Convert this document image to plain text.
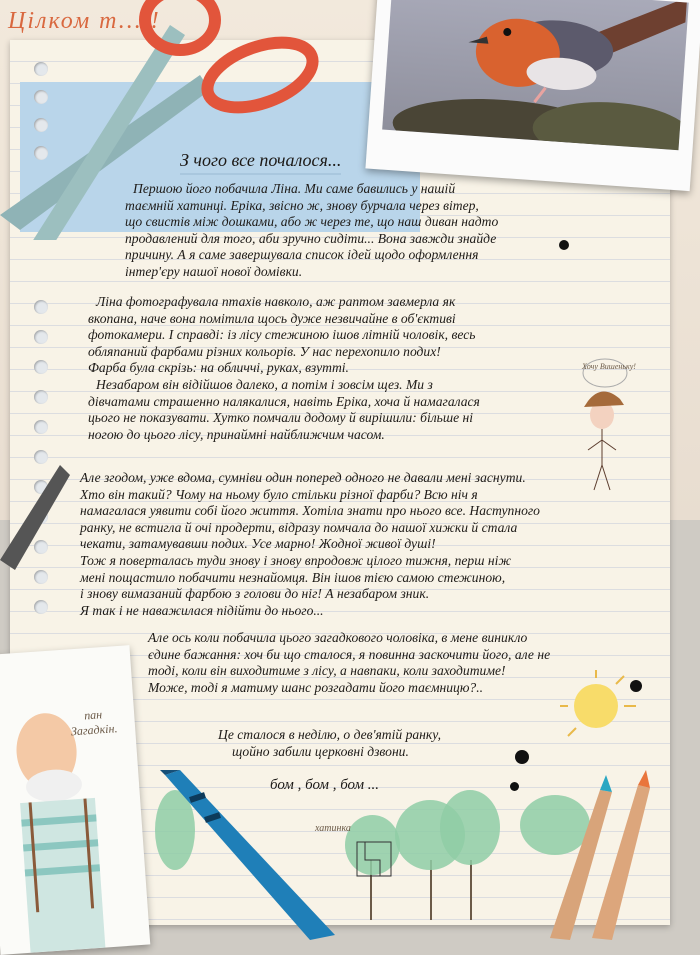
Цілком т... !
З чого все почалося...
Першою його побачила Ліна. Ми саме бавились у нашій
таємній хатинці. Еріка, звісно ж, знову бурчала через вітер,
що свистів між дошками, або ж через те, що наш диван надто
продавлений для того, аби зручно сидіти... Вона завжди знайде
причину. А я саме завершувала список ідей щодо оформлення
інтер'єру нашої нової домівки.
Ліна фотографувала птахів навколо, аж раптом завмерла як
вкопана, наче вона помітила щось дуже незвичайне в об'єктиві
фотокамери. І справді: із лісу стежиною ішов літній чоловік, весь
обляпаний фарбами різних кольорів. У нас перехопило подих!
Фарба була скрізь: на обличчі, руках, взутті.
Незабаром він відійшов далеко, а потім і зовсім щез. Ми з
дівчатами страшенно налякалися, навіть Еріка, хоча й намагалася
цього не показувати. Хутко помчали додому й вирішили: більше ні
ногою до цього лісу, принаймні найближчим часом.
Але згодом, уже вдома, сумніви один поперед одного не давали мені заснути.
Хто він такий? Чому на ньому було стільки різної фарби? Всю ніч я
намагалася уявити собі його життя. Хотіла знати про нього все. Наступного
ранку, не встигла й очі продерти, відразу помчала до нашої хижки й стала
чекати, затамувавши подих. Усе марно! Жодної живої душі!
Тож я поверталась туди знову і знову впродовж цілого тижня, перш ніж
мені пощастило побачити незнайомця. Він ішов тією самою стежиною,
і знову вимазаний фарбою з голови до ніг! А незабаром зник.
Я так і не наважилася підійти до нього...
Але ось коли побачила цього загадкового чоловіка, в мене виникло
єдине бажання: хоч би що сталося, я повинна заскочити його, але не
тоді, коли він виходитиме з лісу, а навпаки, коли заходитиме!
Може, тоді я матиму шанс розгадати його таємницю?..
Це сталося в неділю, о дев'ятій ранку,
щойно забили церковні дзвони.
бом , бом , бом ...
Хочу Вишеньку!
хатинка
пан Загадкін.
